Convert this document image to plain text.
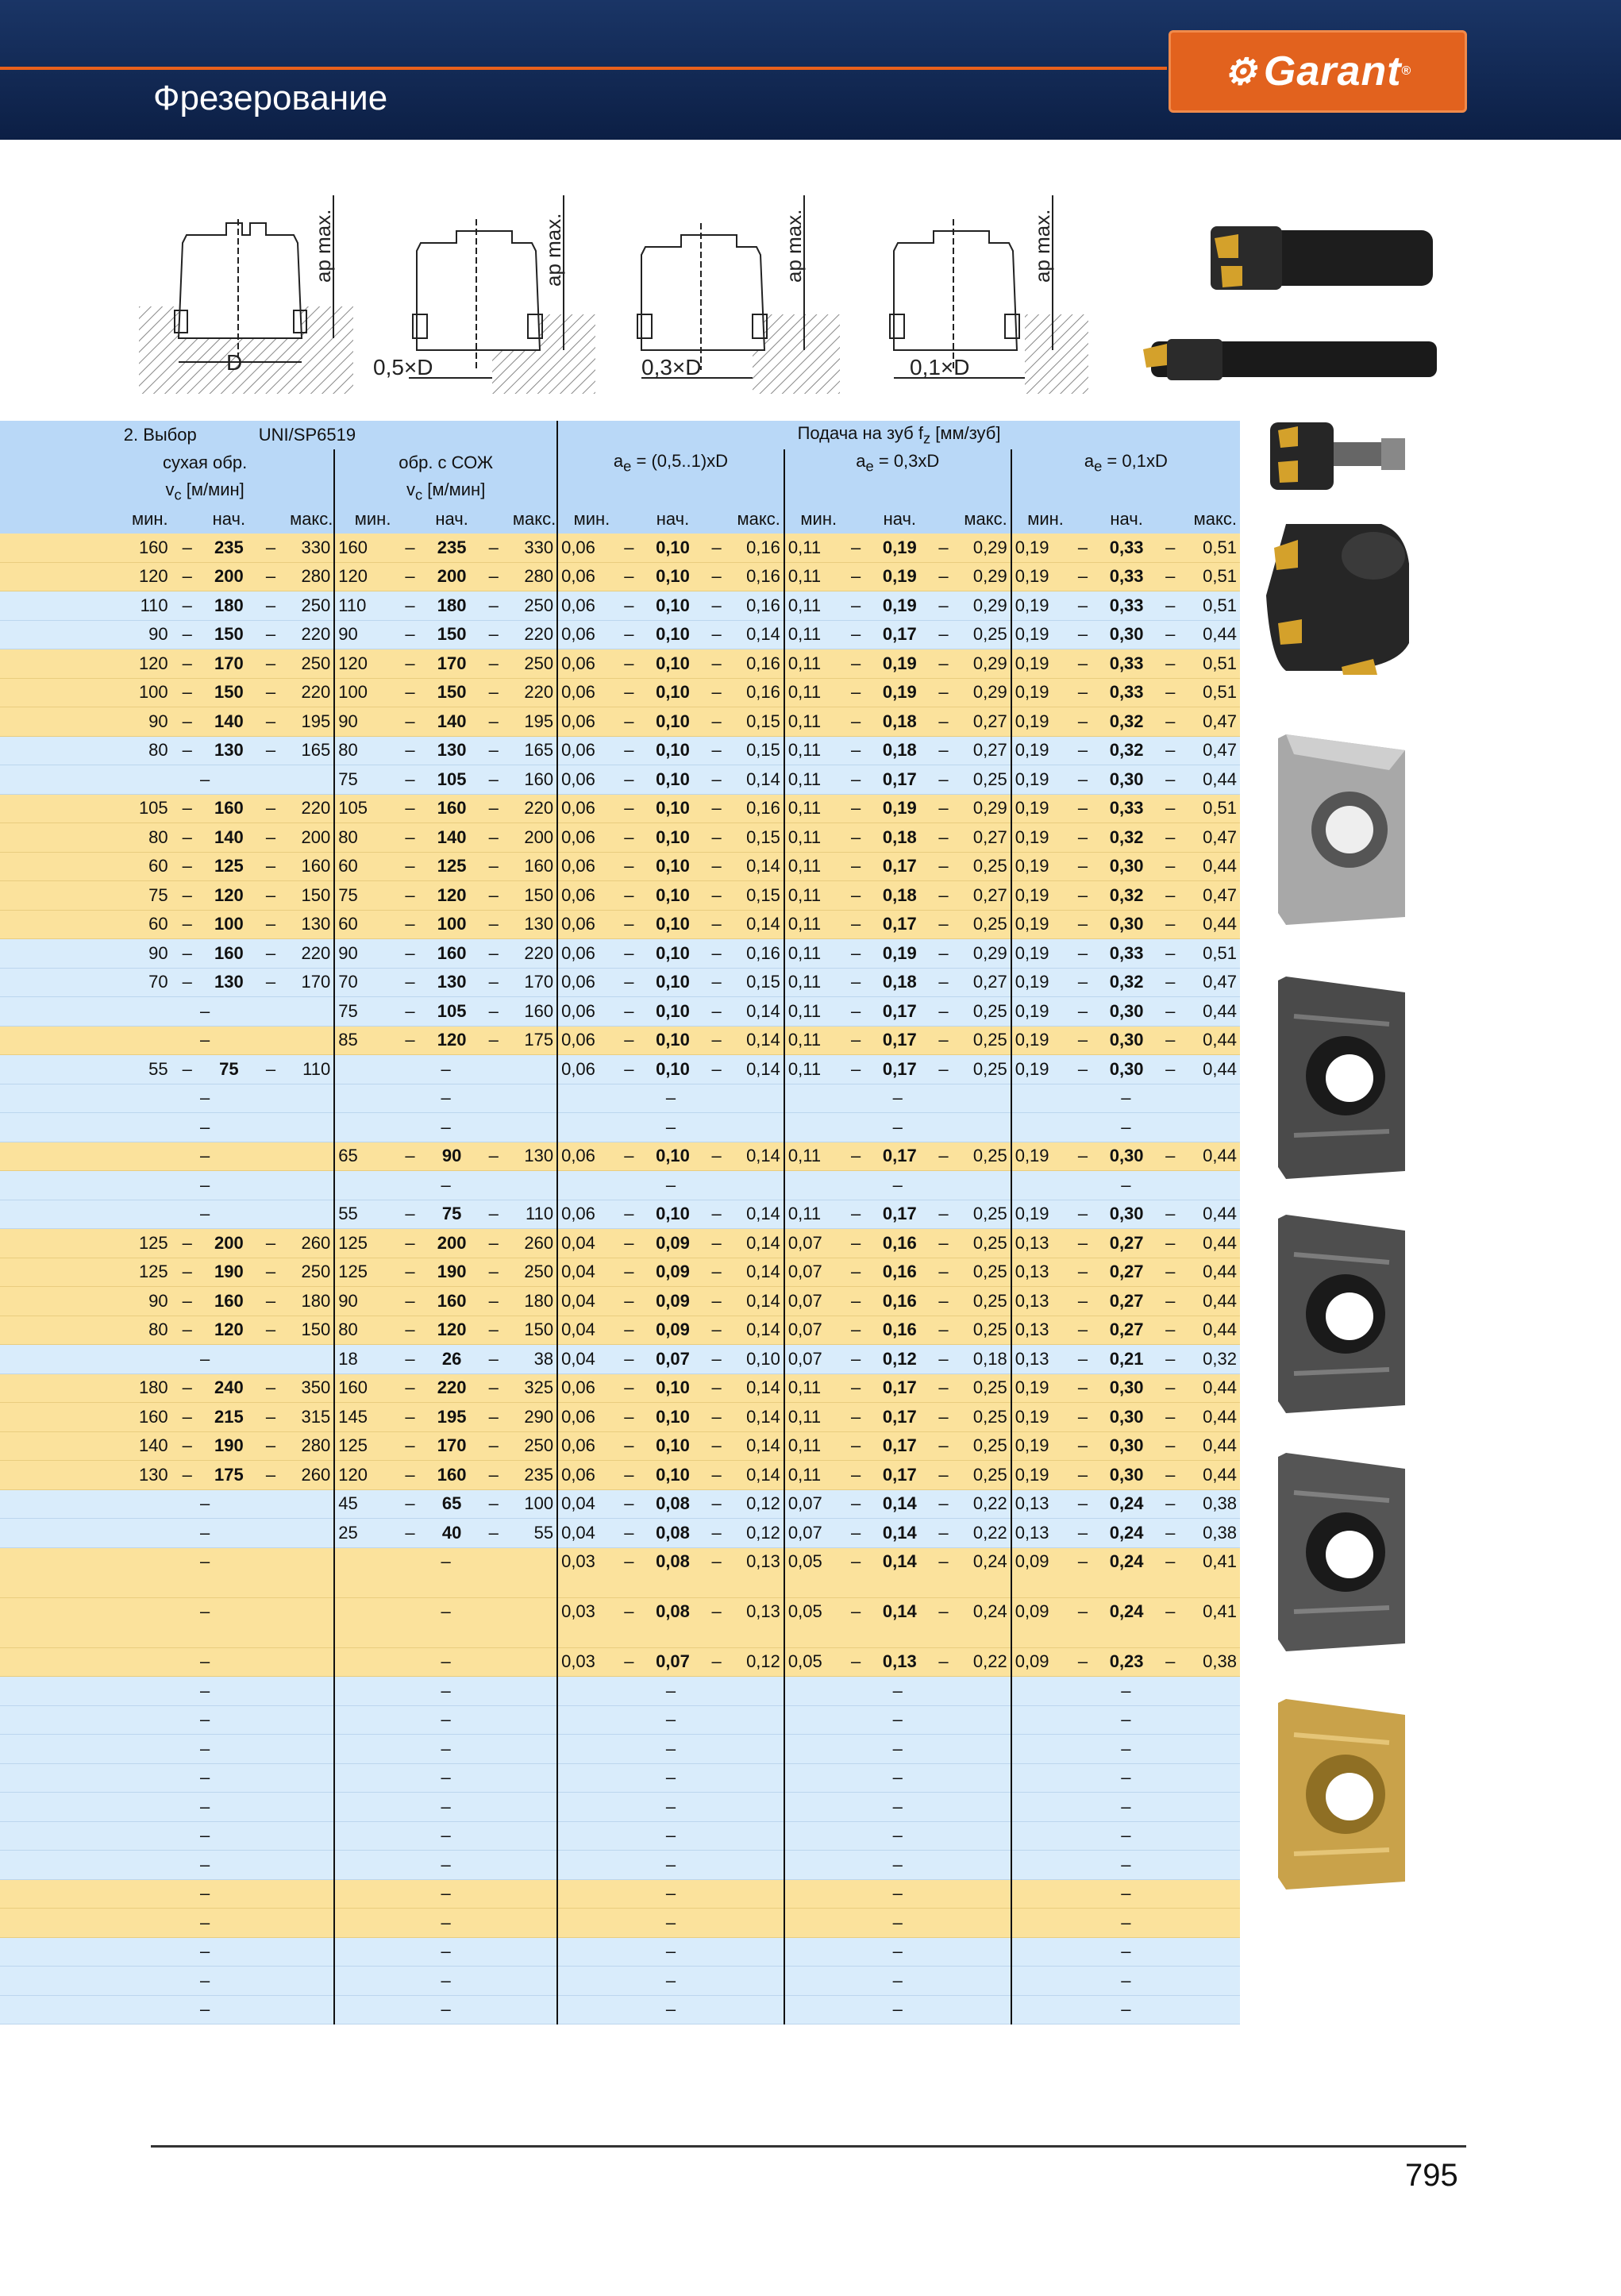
Фрезерование
⚙ Garant ®
D
ap max.
0,5×D
ap max.
0,3×D
ap max.
0,1×D
ap max.
2. Выбор		UNI/SP6519								Подача на зуб $f_z$ [мм/зуб]														
сухая обр.					обр. с СОЖ					$a_e = (0,5..1)xD$					$a_e = 0,3xD$					$a_e = 0,1xD$				
$v_c$ [м/мин]					$v_c$ [м/мин]																			
мин.		нач.		макс.	мин.		нач.		макс.	мин.		нач.		макс.	мин.		нач.		макс.	мин.		нач.		макс.
160	–	235	–	330	160	–	235	–	330	0,06	–	0,10	–	0,16	0,11	–	0,19	–	0,29	0,19	–	0,33	–	0,51
120	–	200	–	280	120	–	200	–	280	0,06	–	0,10	–	0,16	0,11	–	0,19	–	0,29	0,19	–	0,33	–	0,51
110	–	180	–	250	110	–	180	–	250	0,06	–	0,10	–	0,16	0,11	–	0,19	–	0,29	0,19	–	0,33	–	0,51
90	–	150	–	220	90	–	150	–	220	0,06	–	0,10	–	0,14	0,11	–	0,17	–	0,25	0,19	–	0,30	–	0,44
120	–	170	–	250	120	–	170	–	250	0,06	–	0,10	–	0,16	0,11	–	0,19	–	0,29	0,19	–	0,33	–	0,51
100	–	150	–	220	100	–	150	–	220	0,06	–	0,10	–	0,16	0,11	–	0,19	–	0,29	0,19	–	0,33	–	0,51
90	–	140	–	195	90	–	140	–	195	0,06	–	0,10	–	0,15	0,11	–	0,18	–	0,27	0,19	–	0,32	–	0,47
80	–	130	–	165	80	–	130	–	165	0,06	–	0,10	–	0,15	0,11	–	0,18	–	0,27	0,19	–	0,32	–	0,47
–					75	–	105	–	160	0,06	–	0,10	–	0,14	0,11	–	0,17	–	0,25	0,19	–	0,30	–	0,44
105	–	160	–	220	105	–	160	–	220	0,06	–	0,10	–	0,16	0,11	–	0,19	–	0,29	0,19	–	0,33	–	0,51
80	–	140	–	200	80	–	140	–	200	0,06	–	0,10	–	0,15	0,11	–	0,18	–	0,27	0,19	–	0,32	–	0,47
60	–	125	–	160	60	–	125	–	160	0,06	–	0,10	–	0,14	0,11	–	0,17	–	0,25	0,19	–	0,30	–	0,44
75	–	120	–	150	75	–	120	–	150	0,06	–	0,10	–	0,15	0,11	–	0,18	–	0,27	0,19	–	0,32	–	0,47
60	–	100	–	130	60	–	100	–	130	0,06	–	0,10	–	0,14	0,11	–	0,17	–	0,25	0,19	–	0,30	–	0,44
90	–	160	–	220	90	–	160	–	220	0,06	–	0,10	–	0,16	0,11	–	0,19	–	0,29	0,19	–	0,33	–	0,51
70	–	130	–	170	70	–	130	–	170	0,06	–	0,10	–	0,15	0,11	–	0,18	–	0,27	0,19	–	0,32	–	0,47
–					75	–	105	–	160	0,06	–	0,10	–	0,14	0,11	–	0,17	–	0,25	0,19	–	0,30	–	0,44
–					85	–	120	–	175	0,06	–	0,10	–	0,14	0,11	–	0,17	–	0,25	0,19	–	0,30	–	0,44
55	–	75	–	110	–					0,06	–	0,10	–	0,14	0,11	–	0,17	–	0,25	0,19	–	0,30	–	0,44
–					–					–					–					–				
–					–					–					–					–				
–					65	–	90	–	130	0,06	–	0,10	–	0,14	0,11	–	0,17	–	0,25	0,19	–	0,30	–	0,44
–					–					–					–					–				
–					55	–	75	–	110	0,06	–	0,10	–	0,14	0,11	–	0,17	–	0,25	0,19	–	0,30	–	0,44
125	–	200	–	260	125	–	200	–	260	0,04	–	0,09	–	0,14	0,07	–	0,16	–	0,25	0,13	–	0,27	–	0,44
125	–	190	–	250	125	–	190	–	250	0,04	–	0,09	–	0,14	0,07	–	0,16	–	0,25	0,13	–	0,27	–	0,44
90	–	160	–	180	90	–	160	–	180	0,04	–	0,09	–	0,14	0,07	–	0,16	–	0,25	0,13	–	0,27	–	0,44
80	–	120	–	150	80	–	120	–	150	0,04	–	0,09	–	0,14	0,07	–	0,16	–	0,25	0,13	–	0,27	–	0,44
–					18	–	26	–	38	0,04	–	0,07	–	0,10	0,07	–	0,12	–	0,18	0,13	–	0,21	–	0,32
180	–	240	–	350	160	–	220	–	325	0,06	–	0,10	–	0,14	0,11	–	0,17	–	0,25	0,19	–	0,30	–	0,44
160	–	215	–	315	145	–	195	–	290	0,06	–	0,10	–	0,14	0,11	–	0,17	–	0,25	0,19	–	0,30	–	0,44
140	–	190	–	280	125	–	170	–	250	0,06	–	0,10	–	0,14	0,11	–	0,17	–	0,25	0,19	–	0,30	–	0,44
130	–	175	–	260	120	–	160	–	235	0,06	–	0,10	–	0,14	0,11	–	0,17	–	0,25	0,19	–	0,30	–	0,44
–					45	–	65	–	100	0,04	–	0,08	–	0,12	0,07	–	0,14	–	0,22	0,13	–	0,24	–	0,38
–					25	–	40	–	55	0,04	–	0,08	–	0,12	0,07	–	0,14	–	0,22	0,13	–	0,24	–	0,38
–					–					0,03	–	0,08	–	0,13	0,05	–	0,14	–	0,24	0,09	–	0,24	–	0,41
–					–					0,03	–	0,08	–	0,13	0,05	–	0,14	–	0,24	0,09	–	0,24	–	0,41
–					–					0,03	–	0,07	–	0,12	0,05	–	0,13	–	0,22	0,09	–	0,23	–	0,38
–					–					–					–					–				
–					–					–					–					–				
–					–					–					–					–				
–					–					–					–					–				
–					–					–					–					–				
–					–					–					–					–				
–					–					–					–					–				
–					–					–					–					–				
–					–					–					–					–				
–					–					–					–					–				
–					–					–					–					–				
–					–					–					–					–				
795
